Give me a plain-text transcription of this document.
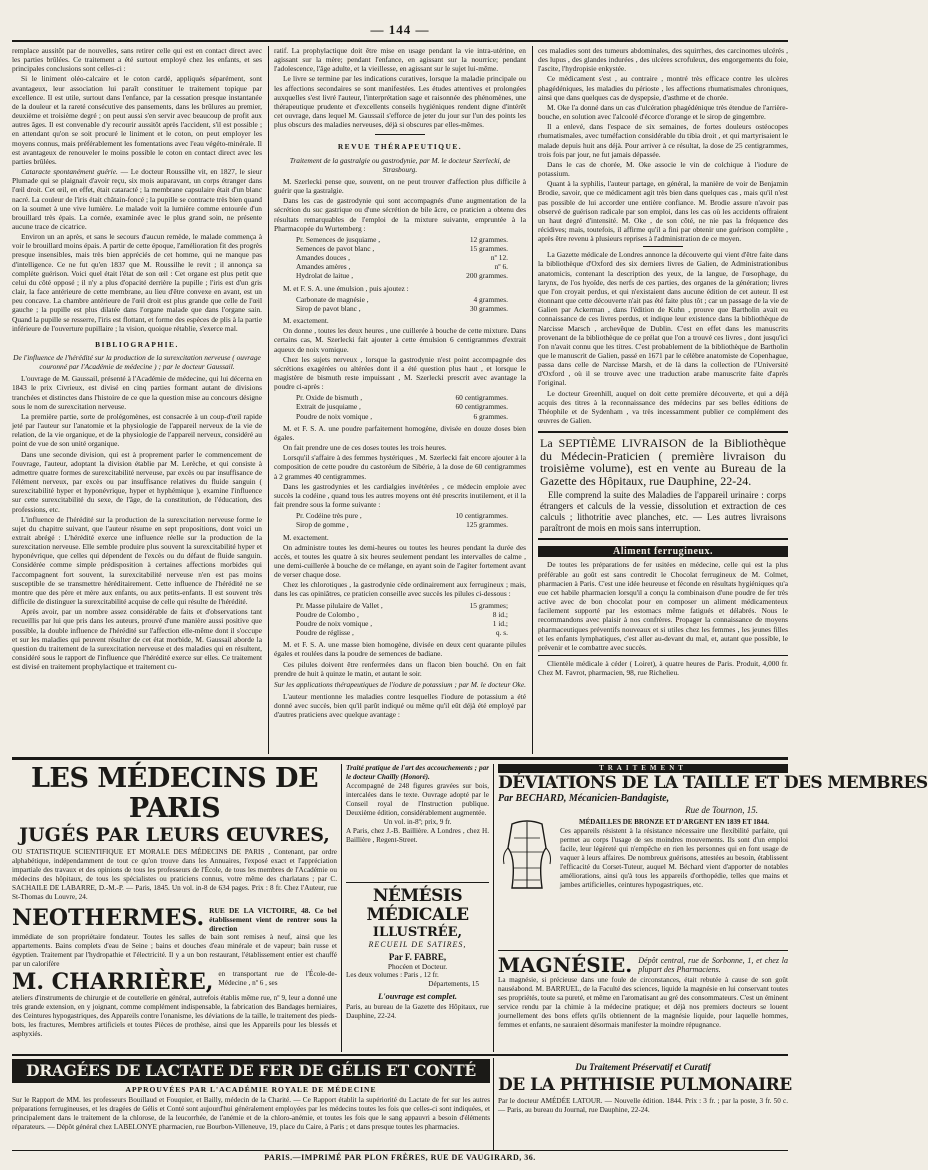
— 144 —

remplace aussitôt par de nouvelles, sans retirer celle qui est en contact direct avec les parties brûlées. Ce traitement a été surtout employé chez les enfants, et ses principales conclusions sont celles-ci :

Si le liniment oléo-calcaire et le coton cardé, appliqués séparément, sont avantageux, leur association lui paraît constituer le traitement topique par excellence. Il est utile, surtout dans l'enfance, par la cessation presque instantanée de la douleur et la rareté consécutive des pansements, dans les brûlures au premier, deuxième et troisième degré ; on peut aussi s'en servir avec beaucoup de profit aux autres âges. Il est convenable d'y recourir aussitôt après l'accident, s'il est possible ; en attendant qu'on se soit procuré le liniment et le coton, on peut employer les moyens connus, mais préférablement les fomentations avec l'eau végéto-minérale. Il est avantageux de renouveler le moins possible le coton en contact direct avec les parties brûlées.

Cataracte spontanément guérie. — Le docteur Roussilhe vit, en 1827, le sieur Plumade qui se plaignait d'avoir reçu, six mois auparavant, un corps étranger dans l'œil droit. Cet œil, en effet, était cataracté ; la membrane capsulaire était d'un blanc nacré. La couleur de l'iris était châtain-foncé ; la pupille se contracte très bien quand on la soumet à une vive lumière. Le malade voit la lumière comme entourée d'un brouillard très épais. La cornée, examinée avec le plus grand soin, ne présente aucune trace de cicatrice.

Environ un an après, et sans le secours d'aucun remède, le malade commença à voir le brouillard moins épais. A partir de cette époque, l'amélioration fit des progrès presque insensibles, mais très bien appréciés de cet homme, qui ne manque pas d'intelligence. Ce ne fut qu'en 1837 que M. Roussilhe le revit ; il annonça sa complète guérison. Voici quel était l'état de son œil : Cet organe est plus petit que celui du côté opposé ; il n'y a plus d'opacité derrière la pupille ; l'iris est d'un gris clair, la face antérieure de cette membrane, au lieu d'être convexe en avant, est un peu concave. La chambre antérieure de l'œil droit est plus grande que celle de l'œil gauche ; la pupille est plus dilatée dans l'organe malade que dans l'organe sain. Quand la pupille se resserre, l'iris est flottant, et forme des espèces de plis à la partie inférieure de l'ouverture pupillaire ; la vision, quoique rétablie, s'exerce mal.

BIBLIOGRAPHIE.
De l'influence de l'hérédité sur la production de la surexcitation nerveuse ( ouvrage couronné par l'Académie de médecine ) ; par le docteur Gaussail.

L'ouvrage de M. Gaussail, présenté à l'Académie de médecine, qui lui décerna en 1843 le prix Civrieux, est divisé en cinq parties formant autant de divisions tranchées et distinctes dans l'histoire de ce que la question mise au concours désigne sous le nom de surexcitation nerveuse.

La première partie, sorte de prolégomènes, est consacrée à un coup-d'œil rapide jeté par l'auteur sur l'anatomie et la physiologie de l'appareil nerveux de la vie de relation, de la vie organique, et de la physiologie de l'appareil nerveux, considéré au point de vue de son unité organique.

Dans une seconde division, qui est à proprement parler le commencement de l'ouvrage, l'auteur, adoptant la division établie par M. Lerèche, et qui consiste à admettre quatre formes de surexcitabilité nerveuse, par excès ou par insuffisance de l'élément nerveux, par excès ou par insuffisance relatives du fluide sanguin ( surexcitabilité hyper et hyponévrique, hyper et hyphémique ), examine l'influence sur cette surexcitabilité du sexe, de l'âge, de la constitution, de l'éducation, des professions, etc.

L'influence de l'hérédité sur la production de la surexcitation nerveuse forme le sujet du chapitre suivant, que l'auteur résume en sept propositions, dont voici un extrait abrégé : L'hérédité exerce une influence réelle sur la production de la surexcitation nerveuse. Elle semble produire plus souvent la surexcitabilité hyper et hyponévrique, que celles qui dépendent de l'excès ou du défaut de fluide sanguin. Considérée comme simple prédisposition à certaines affections morbides qui l'accompagnent fort souvent, la surexcitabilité nerveuse n'en est pas moins susceptible de se transmettre héréditairement. Cette influence de l'hérédité ne se montre que des père et mère aux enfants, ou aux petits-enfants. Il est souvent très difficile de distinguer la surexcitabilité acquise de celle qui résulte de l'hérédité.

Après avoir, par un nombre assez considérable de faits et d'observations tant recueillis par lui que pris dans les auteurs, prouvé d'une manière aussi positive que possible, la double influence de l'hérédité sur l'affection elle-même dont il s'occupe et sur les maladies qui peuvent résulter de cet état morbide, M. Gaussail aborde la question du traitement de la surexcitation nerveuse et des maladies qui en résultent, considéré sous le rapport de l'influence que l'hérédité exerce sur elles. Ce traitement est divisé en traitement prophylactique et traitement cu-

ratif. La prophylactique doit être mise en usage pendant la vie intra-utérine, en agissant sur la mère; pendant l'enfance, en agissant sur la nourrice; pendant l'adolescence, l'âge adulte, et la vieillesse, en agissant sur le sujet lui-même.

Le livre se termine par les indications curatives, lorsque la maladie principale ou les affections secondaires se sont manifestées. Les études attentives et prolongées auxquelles s'est livré l'auteur, l'interprétation sage et raisonnée des phénomènes, une thérapeutique prudente et d'excellents conseils hygiéniques rendent digne d'intérêt cet ouvrage, dans lequel M. Gaussail s'efforce de jeter du jour sur l'un des points les plus obscurs des maladies nerveuses, déjà si obscures par elles-mêmes.

REVUE THÉRAPEUTIQUE.
Traitement de la gastralgie ou gastrodynie, par M. le docteur Szerlecki, de Strasbourg.

M. Szerlecki pense que, souvent, on ne peut trouver d'affection plus difficile à guérir que la gastralgie.

Dans les cas de gastrodynie qui sont accompagnés d'une augmentation de la sécrétion du suc gastrique ou d'une sécrétion de bile âcre, ce praticien a obtenu des résultats remarquables de l'emploi de la mixture suivante, empruntée à la Pharmacopée du Wurtemberg :

Pr. Semences de jusquiame ,	12 grammes.
Semences de pavot blanc ,	15 grammes.
Amandes douces ,	nº 12.
Amandes amères ,	nº 6.
Hydrolat de laitue ,	200 grammes.

M. et F. S. A. une émulsion , puis ajoutez :

Carbonate de magnésie ,	4 grammes.
Sirop de pavot blanc ,	30 grammes.

M. exactement.

On donne , toutes les deux heures , une cuillerée à bouche de cette mixture. Dans certains cas, M. Szerlecki fait ajouter à cette émulsion 6 centigrammes d'extrait aqueux de noix vomique.

Chez les sujets nerveux , lorsque la gastrodynie n'est point accompagnée des sécrétions exagérées ou altérées dont il a été question plus haut , et lorsque le magistère de bismuth reste impuissant , M. Szerlecki prescrit avec avantage la poudre ci-après :

Pr. Oxide de bismuth ,	60 centigrammes.
Extrait de jusquiame ,	60 centigrammes.
Poudre de noix vomique ,	6 grammes.

M. et F. S. A. une poudre parfaitement homogène, divisée en douze doses bien égales.

On fait prendre une de ces doses toutes les trois heures.

Lorsqu'il s'affaire à des femmes hystériques , M. Szerlecki fait encore ajouter à la composition de cette poudre du castoréum de Sibérie, à la dose de 60 centigrammes à 2 grammes 40 centigrammes.

Dans les gastrodynies et les cardialgies invétérées , ce médecin emploie avec succès la codéine , quand tous les autres moyens ont été prescrits inutilement, et il la fait prendre sous la forme suivante :

Pr. Codéine très pure ,	10 centigrammes.
Sirop de gomme ,	125 grammes.

M. exactement.

On administre toutes les demi-heures ou toutes les heures pendant la durée des accès, et toutes les quatre à six heures seulement pendant les intervalles de calme , une demi-cuillerée à bouche de ce mélange, en ayant soin de l'agiter fortement avant de verser chaque dose.

Chez les chlorotiques , la gastrodynie cède ordinairement aux ferrugineux ; mais, dans les cas opiniâtres, ce praticien conseille avec succès les pilules ci-dessous :

Pr. Masse pilulaire de Vallet ,	15 grammes;
Poudre de Colombo ,	8 id.;
Poudre de noix vomique ,	1 id.;
Poudre de réglisse ,	q. s.

M. et F. S. A. une masse bien homogène, divisée en deux cent quarante pilules égales et roulées dans la poudre de semences de badiane.

Ces pilules doivent être renfermées dans un flacon bien bouché. On en fait prendre de huit à quinze le matin, et autant le soir.

Sur les applications thérapeutiques de l'iodure de potassium ; par M. le docteur Oke.

L'auteur mentionne les maladies contre lesquelles l'iodure de potassium a été donné avec succès, bien qu'il parût indiqué ou même qu'il eût déjà été employé par d'autres praticiens avec quelque avantage :

ces maladies sont des tumeurs abdominales, des squirrhes, des carcinomes ulcérés , des lupus , des glandes indurées , des ulcères scrofuleux, des engorgements du foie, l'ascite, l'hydropisie enkystée.

Ce médicament s'est , au contraire , montré très efficace contre les ulcères phagédéniques, les maladies du périoste , les affections rhumatismales chroniques, ainsi que dans quelques cas de dyspepsie, d'asthme et de chorée.

M. Oke l'a donné dans un cas d'ulcération phagédénique très étendue de l'arrière-bouche, en solution avec l'alcoolé d'écorce d'orange et le sirop de gingembre.

Il a enlevé, dans l'espace de six semaines, de fortes douleurs ostéocopes rhumatismales, avec tuméfaction considérable du tibia droit , et qui martyrisaient le malade depuis huit ans déjà. Pour arriver à ce résultat, la dose de 25 centigrammes, trois fois par jour, ne fut jamais dépassée.

Dans le cas de chorée, M. Oke associe le vin de colchique à l'iodure de potassium.

Quant à la syphilis, l'auteur partage, en général, la manière de voir de Benjamin Brodie, savoir, que ce médicament agit très bien dans quelques cas , mais qu'il n'est pas possible de lui accorder une entière confiance. M. Brodie assure n'avoir pas observé de guérison radicale par son emploi, dans les cas où les accidents offraient un haut degré d'intensité. M. Oke , de son côté, ne nie pas la fréquence des récidives; mais, toutefois, il affirme qu'il a fini par obtenir une guérison complète , après être revenu à plusieurs reprises à l'administration de ce moyen.

La Gazette médicale de Londres annonce la découverte qui vient d'être faite dans la bibliothèque d'Oxford des six derniers livres de Galien, de Administrationibus anatomicis, contenant la description des yeux, de la langue, de l'œsophage, du larynx, de l'os hyoïde, des nerfs de ces parties, des organes de la génération; livres que l'on croyait perdus, et qui n'existaient dans aucune édition de cet auteur. Il est étonnant que cette découverte n'ait pas été faite plus tôt ; car un passage de la vie de Galien par Ackerman , dans l'édition de Kuhn , prouve que Bartholin avait eu connaissance de ces livres perdus, et indique leur existence dans la bibliothèque de Narcisse Marsch , archevêque de Dublin. C'est en effet dans les manuscrits provenant de la bibliothèque de ce prélat que l'on a trouvé ces livres , dont jusqu'ici l'on n'avait connu que les titres. C'est probablement de la bibliothèque de Bartholin que le manuscrit de Galien, passé en 1671 par le célèbre anatomiste de Copenhague, passa dans celle de Narcisse Marsh, et de là dans la collection de l'Université d'Oxford , où il se trouve avec une traduction arabe manuscrite faite d'après l'original.

Le docteur Greenhill, auquel on doit cette première découverte, et qui a déjà acquis des titres à la reconnaissance des médecins par ses belles éditions de Théophile et de Sydenham , va très incessamment publier ce complément des œuvres de Galien.

La SEPTIÈME LIVRAISON de la Bibliothèque du Médecin-Praticien ( première livraison du troisième volume), est en vente au Bureau de la Gazette des Hôpitaux, rue Dauphine, 22-24.
Elle comprend la suite des Maladies de l'appareil urinaire : corps étrangers et calculs de la vessie, dissolution et extraction de ces calculs ; lithotritie avec planches, etc. — Les autres livraisons paraîtront de mois en mois sans interruption.
Aliment ferrugineux.

De toutes les préparations de fer usitées en médecine, celle qui est la plus préférable au goût est sans contredit le Chocolat ferrugineux de M. Colmet, pharmacien à Paris. C'est une idée heureuse et féconde en résultats hygiéniques qu'a eue cet habile pharmacien lorsqu'il a conçu la combinaison d'une poudre de fer très active avec de bon chocolat pour en composer un aliment médicamenteux facilement supporté par les estomacs même fatigués et délabrés. Nous le recommandons avec plaisir à nos confrères. Propager la connaissance de moyens pharmaceutiques préventifs nouveaux et si utiles chez les femmes , les jeunes filles et les enfants lymphatiques, c'est aller au-devant du mal, et, autant que possible, le prévenir et le combattre avec succès.

Clientèle médicale à céder ( Loiret), à quatre heures de Paris. Produit, 4,000 fr. Chez M. Favrot, pharmacien, 98, rue Richelieu.

LES MÉDECINS DE PARIS
JUGÉS PAR LEURS ŒUVRES,
OU STATISTIQUE SCIENTIFIQUE ET MORALE DES MÉDECINS DE PARIS , Contenant, par ordre alphabétique, indépendamment de tout ce qu'on trouve dans les Annuaires, l'exposé exact et l'appréciation impartiale des travaux et des opinions de tous les professeurs de l'École, de tous les membres de l'Académie ou médecins des hôpitaux, de tous les spécialistes ou praticiens connus, votre même des charlatans ; par C. SACHAILE DE LABARRE, D.-M.-P. — Paris, 1845. Un vol. in-8 de 634 pages. Prix : 8 fr. Chez l'Auteur, rue St-Thomas du Louvre, 24.
NEOTHERMES. RUE DE LA VICTOIRE, 48. Ce bel établissement vient de rentrer sous la direction
immédiate de son propriétaire fondateur. Toutes les salles de bain sont remises à neuf, ainsi que les appartements. Bains complets d'eau de Seine ; bains et douches d'eau minérale et de vapeur; bain russe et égyptien. Traitement par l'hydropathie et l'électricité. Il y a un bon restaurant, l'établissement entier est chauffé par un calorifère
M. CHARRIÈRE, en transportant rue de l'École-de-Médecine , nº 6 , ses
ateliers d'instruments de chirurgie et de coutellerie en général, autrefois établis même rue, nº 9, leur a donné une très grande extension, en y joignant, comme complément indispensable, la fabrication des Bandages herniaires, des Ceintures hypogastriques, des Appareils contre l'onanisme, les déviations de la taille, le traitement des pieds-bots, les fractures, Membres artificiels et toutes Pièces de prothèse, ainsi que les Appareils pour les blessés et asphyxiés.
Traité pratique de l'art des accouchements ; par le docteur Chailly (Honoré).
Accompagné de 248 figures gravées sur bois, intercalées dans le texte. Ouvrage adopté par le Conseil royal de l'Instruction publique. Deuxième édition, considérablement augmentée.
Un vol. in-8º; prix, 9 fr.
A Paris, chez J.-B. Baillière. A Londres , chez H. Baillière , Regent-Street.
NÉMÉSIS MÉDICALE
ILLUSTRÉE,
RECUEIL DE SATIRES,
Par F. FABRE,
Phocéen et Docteur.
Les deux volumes : Paris , 12 fr.
Départements, 15
L'ouvrage est complet.
Paris, au bureau de la Gazette des Hôpitaux, rue Dauphine, 22-24.
TRAITEMENT
DÉVIATIONS DE LA TAILLE ET DES MEMBRES
Par BECHARD, Mécanicien-Bandagiste,
Rue de Tournon, 15.
MÉDAILLES DE BRONZE ET D'ARGENT EN 1839 ET 1844.
Ces appareils résistent à la résistance nécessaire une flexibilité parfaite, qui permet au corps l'usage de ses moindres mouvements. Ils sont d'un emploi facile, leur légèreté qui n'empêche en rien les personnes qui en font usage de vaquer à leurs affaires. De nombreux guérisons, attestées au besoin, établissent l'efficacité du Corset-Tuteur, auquel M. Béchard vient d'apporter de notables améliorations, ainsi qu'à tous les appareils d'orthopédie, telles que mains et jambes artificielles, ceintures hypogastriques, etc.
MAGNÉSIE. Dépôt central, rue de Sorbonne, 1, et chez la plupart des Pharmaciens.
La magnésie, si précieuse dans une foule de circonstances, était rebutée à cause de son goût nauséabond. M. BARRUEL, de la Faculté des sciences, liquide la magnésie en lui conservant toutes ses propriétés, toute sa pureté, et même en l'aromatisant au gré des consommateurs. C'est un éminent service rendu par la chimie à la médecine pratique; et déjà nos premiers docteurs se louent journellement des bons effets qu'ils obtiennent de la magnésie liquide, pour laquelle hommes, femmes et enfants, ne sauraient désormais manifester la moindre répugnance.
DRAGÉES DE LACTATE DE FER DE GÉLIS ET CONTÉ
APPROUVÉES PAR L'ACADÉMIE ROYALE DE MÉDECINE
Sur le Rapport de MM. les professeurs Bouillaud et Fouquier, et Bailly, médecin de la Charité. — Ce Rapport établit la supériorité du Lactate de fer sur les autres préparations ferrugineuses, et les dragées de Gélis et Conté sont aujourd'hui généralement employées par les médecins toutes les fois que celles-ci sont indiquées, et principalement dans le traitement de la chlorose, de la leucorrhée, de l'anémie et de la chloro-anémie, et toutes les fois que le sang appauvri a besoin d'éléments réparateurs. — Dépôt général chez LABELONYE pharmacien, rue Bourbon-Villeneuve, 19, place du Caire, à Paris ; et dans presque toutes les pharmacies.
Du Traitement Préservatif et Curatif
DE LA PHTHISIE PULMONAIRE
Par le docteur AMÉDÉE LATOUR. — Nouvelle édition. 1844. Prix : 3 fr. ; par la poste, 3 fr. 50 c. — Paris, au bureau du Journal, rue Dauphine, 22-24.
PARIS.—IMPRIMÉ PAR PLON FRÈRES, RUE DE VAUGIRARD, 36.
